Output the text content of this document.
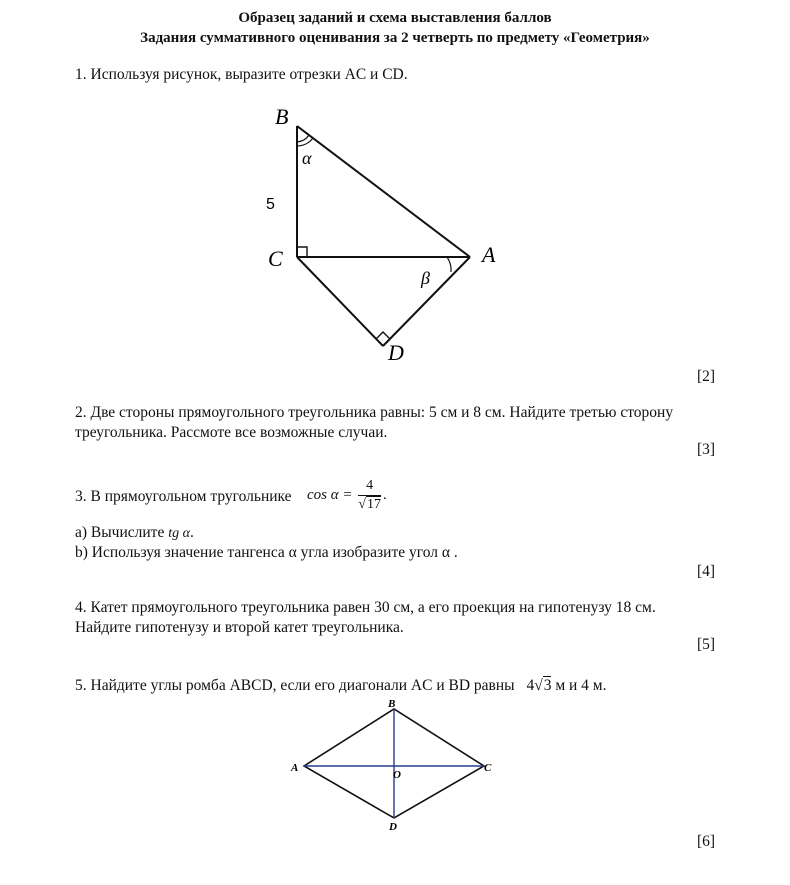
Образец заданий и схема выставления баллов
Задания суммативного оценивания за 2 четверть по предмету «Геометрия»
1. Используя рисунок, выразите отрезки AC и CD.
B
C	A
D
α
β
5
[2]
2. Две стороны прямоугольного треугольника равны: 5 см и 8 см. Найдите третью сторону
треугольника. Рассмоте все возможные случаи.
[3]
3. В прямоугольном тругольнике $\cos \alpha = \frac{4}{√17}$ .
a) Вычислите tg α.
b) Используя значение тангенса α угла изобразите угол α .
[4]
4. Катет прямоугольного треугольника равен 30 см, а его проекция на гипотенузу 18 см.
Найдите гипотенузу и второй катет треугольника.
[5]
5. Найдите углы ромба ABCD, если его диагонали AC и BD равны 4√3 м и 4 м.
A
B
C
D
O
[6]
